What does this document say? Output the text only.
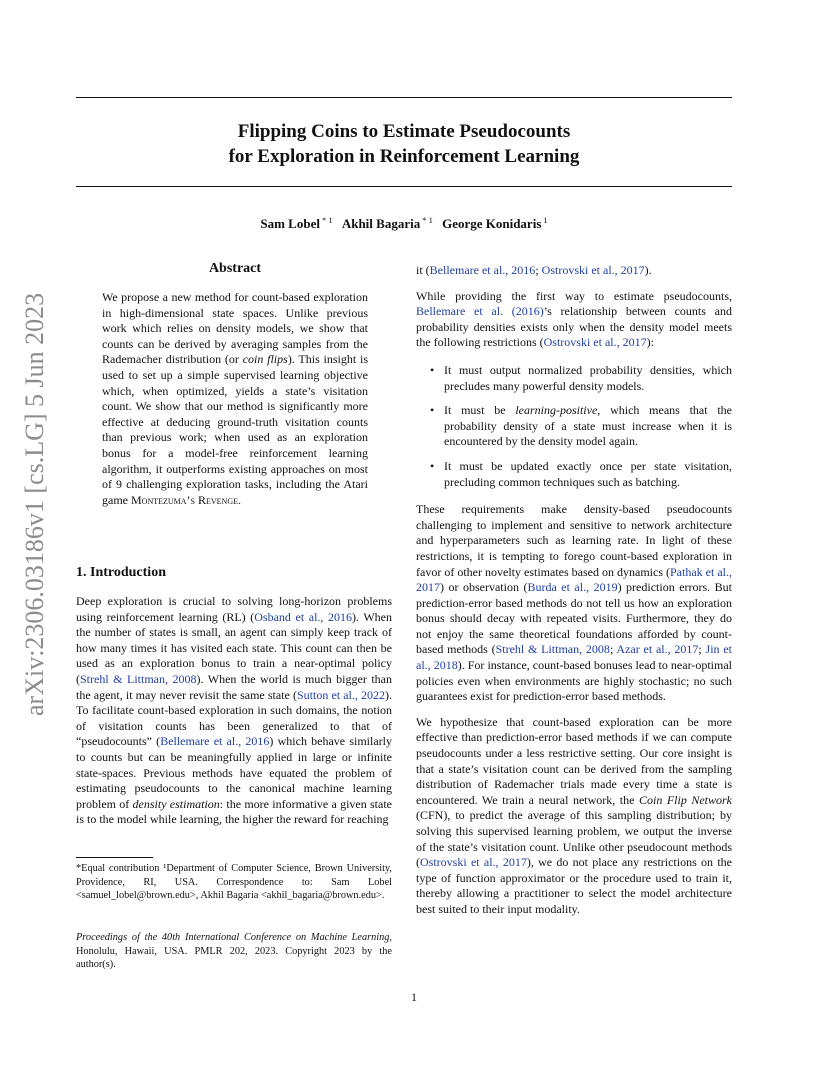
Flipping Coins to Estimate Pseudocounts
for Exploration in Reinforcement Learning
Sam Lobel $^{* 1}$ Akhil Bagaria $^{* 1}$ George Konidaris $^1$
arXiv:2306.03186v1 [cs.LG] 5 Jun 2023
Abstract
We propose a new method for count-based exploration in high-dimensional state spaces. Unlike previous work which relies on density models, we show that counts can be derived by averaging samples from the Rademacher distribution (or coin flips). This insight is used to set up a simple supervised learning objective which, when optimized, yields a state’s visitation count. We show that our method is significantly more effective at deducing ground-truth visitation counts than previous work; when used as an exploration bonus for a model-free reinforcement learning algorithm, it outperforms existing approaches on most of 9 challenging exploration tasks, including the Atari game Montezuma’s Revenge.
1. Introduction
Deep exploration is crucial to solving long-horizon problems using reinforcement learning (RL) (Osband et al., 2016). When the number of states is small, an agent can simply keep track of how many times it has visited each state. This count can then be used as an exploration bonus to train a near-optimal policy (Strehl & Littman, 2008). When the world is much bigger than the agent, it may never revisit the same state (Sutton et al., 2022). To facilitate count-based exploration in such domains, the notion of visitation counts has been generalized to that of “pseudocounts” (Bellemare et al., 2016) which behave similarly to counts but can be meaningfully applied in large or infinite state-spaces. Previous methods have equated the problem of estimating pseudocounts to the canonical machine learning problem of density estimation: the more informative a given state is to the model while learning, the higher the reward for reaching
*Equal contribution ¹Department of Computer Science, Brown University, Providence, RI, USA. Correspondence to: Sam Lobel <samuel_lobel@brown.edu>, Akhil Bagaria <akhil_bagaria@brown.edu>.
Proceedings of the 40th International Conference on Machine Learning, Honolulu, Hawaii, USA. PMLR 202, 2023. Copyright 2023 by the author(s).

it (Bellemare et al., 2016; Ostrovski et al., 2017).

While providing the first way to estimate pseudocounts, Bellemare et al. (2016)’s relationship between counts and probability densities exists only when the density model meets the following restrictions (Ostrovski et al., 2017):

• It must output normalized probability densities, which precludes many powerful density models.
• It must be learning-positive, which means that the probability density of a state must increase when it is encountered by the density model again.
• It must be updated exactly once per state visitation, precluding common techniques such as batching.

These requirements make density-based pseudocounts challenging to implement and sensitive to network architecture and hyperparameters such as learning rate. In light of these restrictions, it is tempting to forego count-based exploration in favor of other novelty estimates based on dynamics (Pathak et al., 2017) or observation (Burda et al., 2019) prediction errors. But prediction-error based methods do not tell us how an exploration bonus should decay with repeated visits. Furthermore, they do not enjoy the same theoretical foundations afforded by count-based methods (Strehl & Littman, 2008; Azar et al., 2017; Jin et al., 2018). For instance, count-based bonuses lead to near-optimal policies even when environments are highly stochastic; no such guarantees exist for prediction-error based methods.

We hypothesize that count-based exploration can be more effective than prediction-error based methods if we can compute pseudocounts under a less restrictive setting. Our core insight is that a state’s visitation count can be derived from the sampling distribution of Rademacher trials made every time a state is encountered. We train a neural network, the Coin Flip Network (CFN), to predict the average of this sampling distribution; by solving this supervised learning problem, we output the inverse of the state’s visitation count. Unlike other pseudocount methods (Ostrovski et al., 2017), we do not place any restrictions on the type of function approximator or the procedure used to train it, thereby allowing a practitioner to select the model architecture best suited to their input modality.

1
